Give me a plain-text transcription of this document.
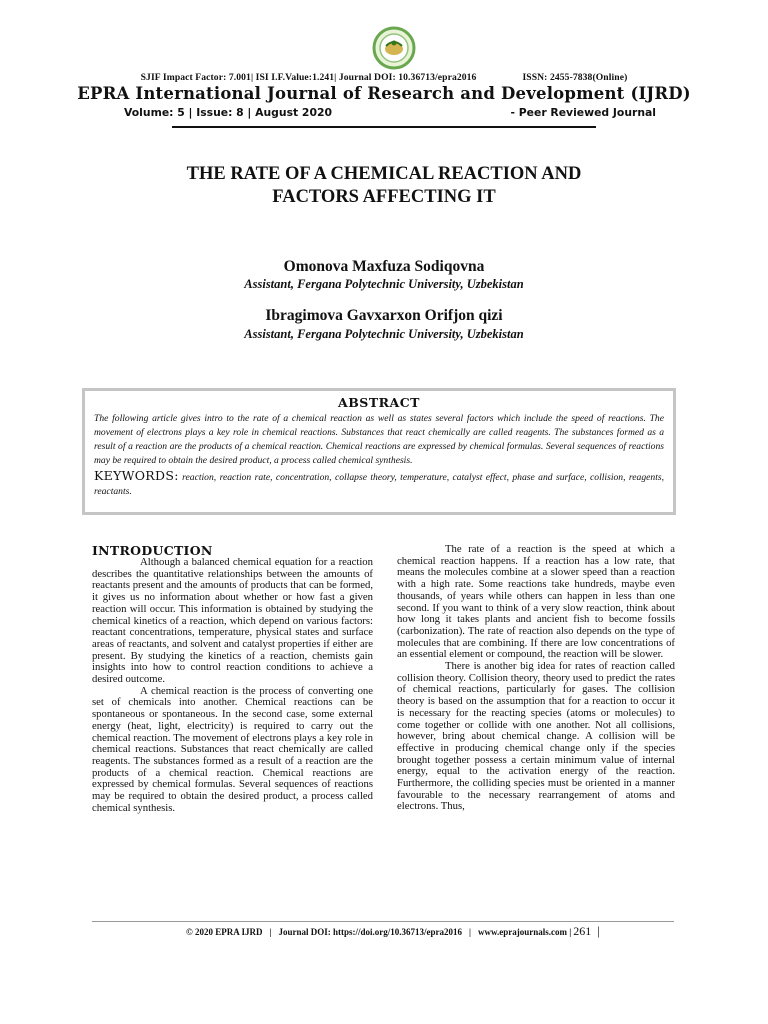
SJIF Impact Factor: 7.001| ISI I.F.Value:1.241| Journal DOI: 10.36713/epra2016	ISSN: 2455-7838(Online)
EPRA International Journal of Research and Development (IJRD)
Volume: 5 | Issue: 8 | August 2020	- Peer Reviewed Journal
THE RATE OF A CHEMICAL REACTION AND
FACTORS AFFECTING IT
Omonova Maxfuza Sodiqovna
Assistant, Fergana Polytechnic University, Uzbekistan
Ibragimova Gavxarxon Orifjon qizi
Assistant, Fergana Polytechnic University, Uzbekistan
ABSTRACT
The following article gives intro to the rate of a chemical reaction as well as states several factors which include the speed of reactions. The movement of electrons plays a key role in chemical reactions. Substances that react chemically are called reagents. The substances formed as a result of a reaction are the products of a chemical reaction. Chemical reactions are expressed by chemical formulas. Several sequences of reactions may be required to obtain the desired product, a process called chemical synthesis.
KEYWORDS: reaction, reaction rate, concentration, collapse theory, temperature, catalyst effect, phase and surface, collision, reagents, reactants.

INTRODUCTION

Although a balanced chemical equation for a reaction describes the quantitative relationships between the amounts of reactants present and the amounts of products that can be formed, it gives us no information about whether or how fast a given reaction will occur. This information is obtained by studying the chemical kinetics of a reaction, which depend on various factors: reactant concentrations, temperature, physical states and surface areas of reactants, and solvent and catalyst properties if either are present. By studying the kinetics of a reaction, chemists gain insights into how to control reaction conditions to achieve a desired outcome.

A chemical reaction is the process of converting one set of chemicals into another. Chemical reactions can be spontaneous or spontaneous. In the second case, some external energy (heat, light, electricity) is required to carry out the chemical reaction. The movement of electrons plays a key role in chemical reactions. Substances that react chemically are called reagents. The substances formed as a result of a reaction are the products of a chemical reaction. Chemical reactions are expressed by chemical formulas. Several sequences of reactions may be required to obtain the desired product, a process called chemical synthesis.

The rate of a reaction is the speed at which a chemical reaction happens. If a reaction has a low rate, that means the molecules combine at a slower speed than a reaction with a high rate. Some reactions take hundreds, maybe even thousands, of years while others can happen in less than one second. If you want to think of a very slow reaction, think about how long it takes plants and ancient fish to become fossils (carbonization). The rate of reaction also depends on the type of molecules that are combining. If there are low concentrations of an essential element or compound, the reaction will be slower.

There is another big idea for rates of reaction called collision theory. Collision theory, theory used to predict the rates of chemical reactions, particularly for gases. The collision theory is based on the assumption that for a reaction to occur it is necessary for the reacting species (atoms or molecules) to come together or collide with one another. Not all collisions, however, bring about chemical change. A collision will be effective in producing chemical change only if the species brought together possess a certain minimum value of internal energy, equal to the activation energy of the reaction. Furthermore, the colliding species must be oriented in a manner favourable to the necessary rearrangement of atoms and electrons. Thus,

© 2020 EPRA IJRD | Journal DOI: https://doi.org/10.36713/epra2016 | www.eprajournals.com | 261 |
